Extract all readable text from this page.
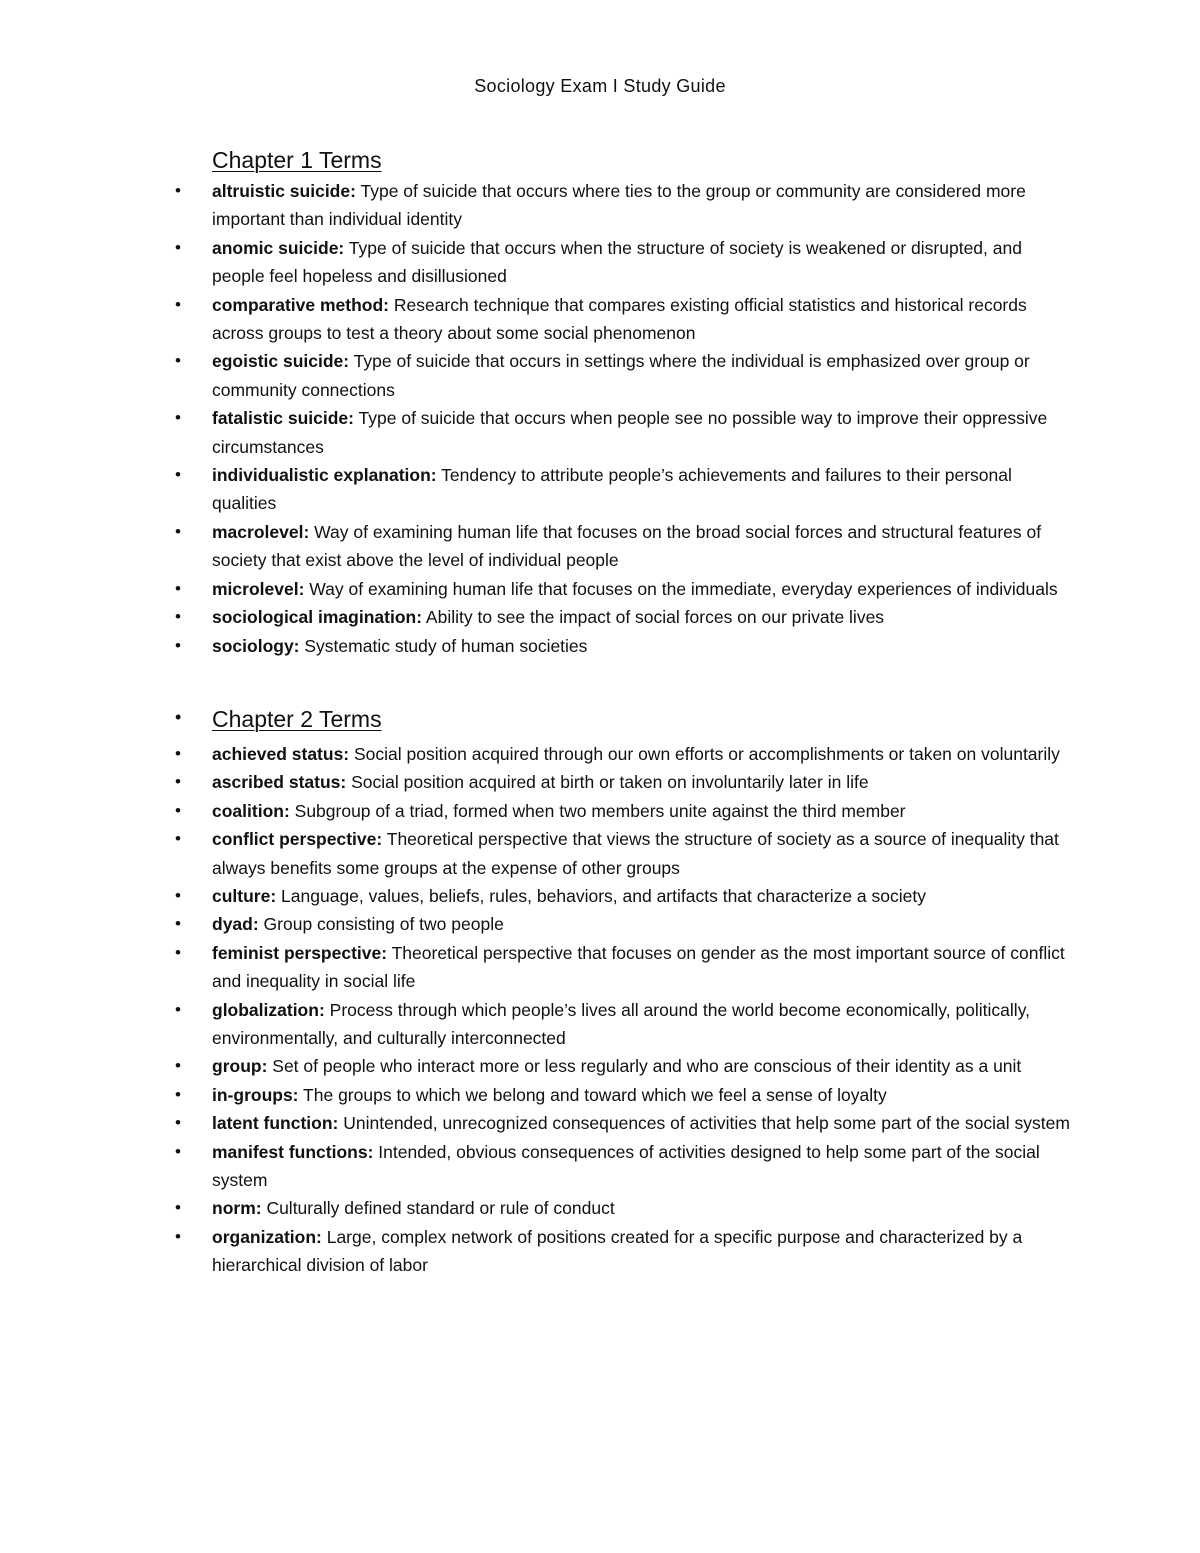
Sociology Exam I Study Guide
Chapter 1 Terms
• altruistic suicide: Type of suicide that occurs where ties to the group or community are considered more important than individual identity
• anomic suicide: Type of suicide that occurs when the structure of society is weakened or disrupted, and people feel hopeless and disillusioned
• comparative method: Research technique that compares existing official statistics and historical records across groups to test a theory about some social phenomenon
• egoistic suicide: Type of suicide that occurs in settings where the individual is emphasized over group or community connections
• fatalistic suicide: Type of suicide that occurs when people see no possible way to improve their oppressive circumstances
• individualistic explanation: Tendency to attribute people’s achievements and failures to their personal qualities
• macrolevel: Way of examining human life that focuses on the broad social forces and structural features of society that exist above the level of individual people
• microlevel: Way of examining human life that focuses on the immediate, everyday experiences of individuals
• sociological imagination: Ability to see the impact of social forces on our private lives
• sociology: Systematic study of human societies
• Chapter 2 Terms
• achieved status: Social position acquired through our own efforts or accomplishments or taken on voluntarily
• ascribed status: Social position acquired at birth or taken on involuntarily later in life
• coalition: Subgroup of a triad, formed when two members unite against the third member
• conflict perspective: Theoretical perspective that views the structure of society as a source of inequality that always benefits some groups at the expense of other groups
• culture: Language, values, beliefs, rules, behaviors, and artifacts that characterize a society
• dyad: Group consisting of two people
• feminist perspective: Theoretical perspective that focuses on gender as the most important source of conflict and inequality in social life
• globalization: Process through which people’s lives all around the world become economically, politically, environmentally, and culturally interconnected
• group: Set of people who interact more or less regularly and who are conscious of their identity as a unit
• in-groups: The groups to which we belong and toward which we feel a sense of loyalty
• latent function: Unintended, unrecognized consequences of activities that help some part of the social system
• manifest functions: Intended, obvious consequences of activities designed to help some part of the social system
• norm: Culturally defined standard or rule of conduct
• organization: Large, complex network of positions created for a specific purpose and characterized by a hierarchical division of labor
